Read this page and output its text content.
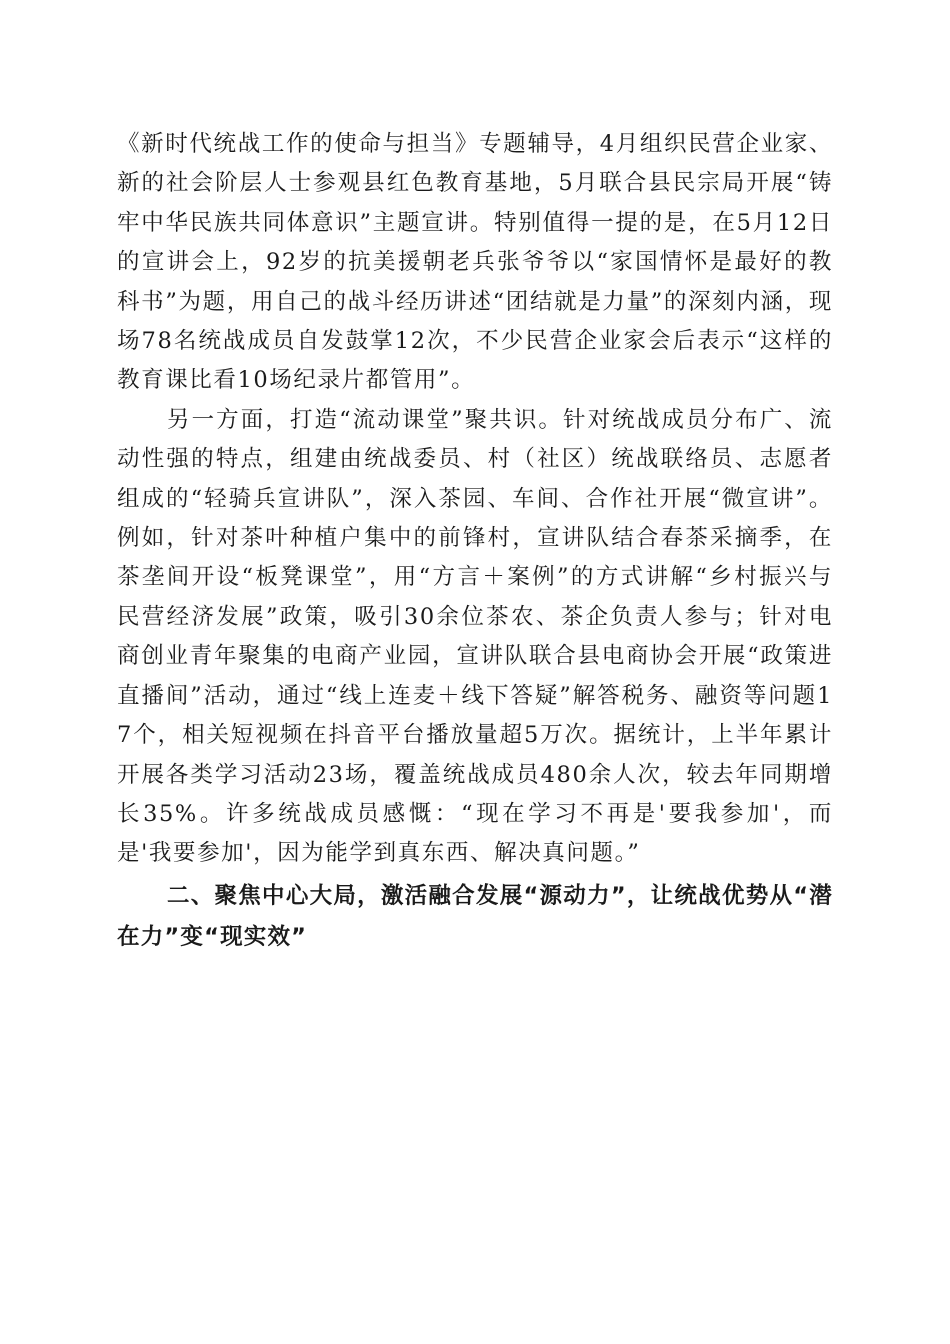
《新时代统战工作的使命与担当》专题辅导，4月组织民营企业家、新的社会阶层人士参观县红色教育基地，5月联合县民宗局开展“铸牢中华民族共同体意识”主题宣讲。特别值得一提的是，在5月12日的宣讲会上，92岁的抗美援朝老兵张爷爷以“家国情怀是最好的教科书”为题，用自己的战斗经历讲述“团结就是力量”的深刻内涵，现场78名统战成员自发鼓掌12次，不少民营企业家会后表示“这样的教育课比看10场纪录片都管用”。

另一方面，打造“流动课堂”聚共识。针对统战成员分布广、流动性强的特点，组建由统战委员、村（社区）统战联络员、志愿者组成的“轻骑兵宣讲队”，深入茶园、车间、合作社开展“微宣讲”。例如，针对茶叶种植户集中的前锋村，宣讲队结合春茶采摘季，在茶垄间开设“板凳课堂”，用“方言＋案例”的方式讲解“乡村振兴与民营经济发展”政策，吸引30余位茶农、茶企负责人参与；针对电商创业青年聚集的电商产业园，宣讲队联合县电商协会开展“政策进直播间”活动，通过“线上连麦＋线下答疑”解答税务、融资等问题17个，相关短视频在抖音平台播放量超5万次。据统计，上半年累计开展各类学习活动23场，覆盖统战成员480余人次，较去年同期增长35%。许多统战成员感慨：“现在学习不再是'要我参加'，而是'我要参加'，因为能学到真东西、解决真问题。”

二、聚焦中心大局，激活融合发展“源动力”，让统战优势从“潜在力”变“现实效”
